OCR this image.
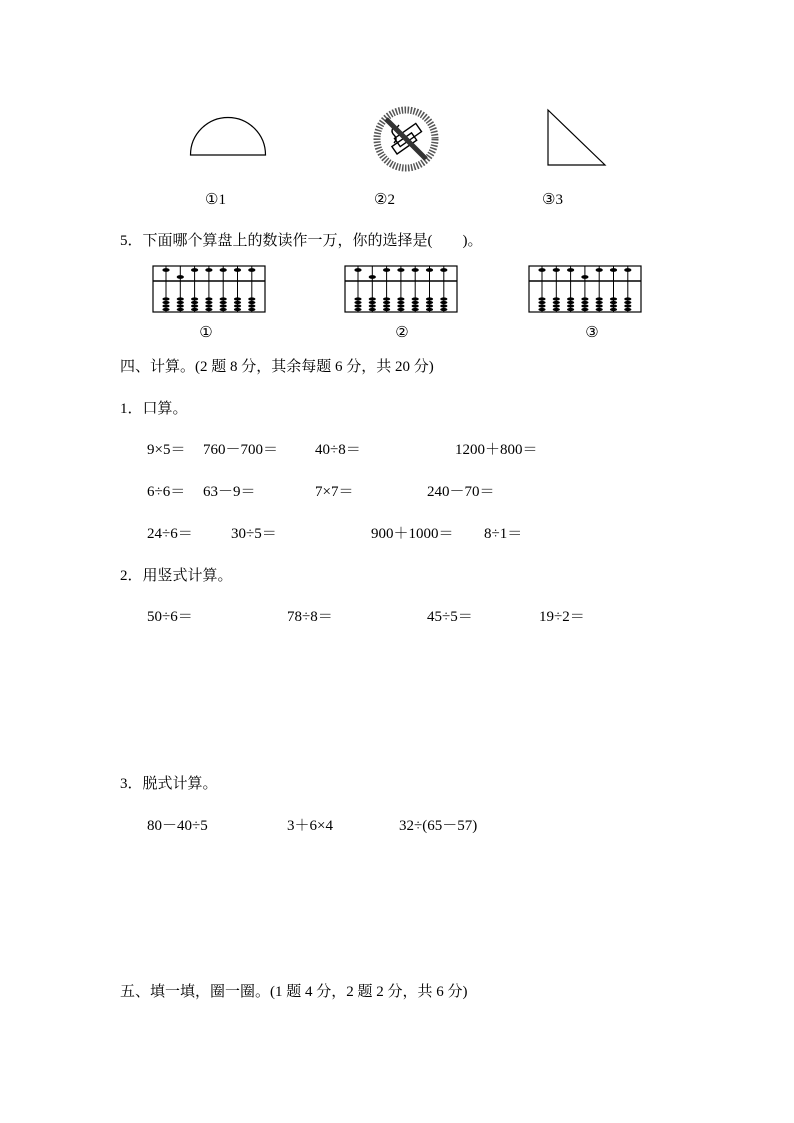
①1	②2	③3
5．下面哪个算盘上的数读作一万，你的选择是(　　)。
①	②	③
四、计算。(2 题 8 分，其余每题 6 分，共 20 分)
1．口算。
9×5＝ 760－700＝ 40÷8＝	1200＋800＝
6÷6＝ 63－9＝	7×7＝	240－70＝
24÷6＝	30÷5＝	900＋1000＝ 8÷1＝
2．用竖式计算。
50÷6＝	78÷8＝	45÷5＝	19÷2＝
3．脱式计算。
80－40÷5	3＋6×4	32÷(65－57)
五、填一填，圈一圈。(1 题 4 分，2 题 2 分，共 6 分)
